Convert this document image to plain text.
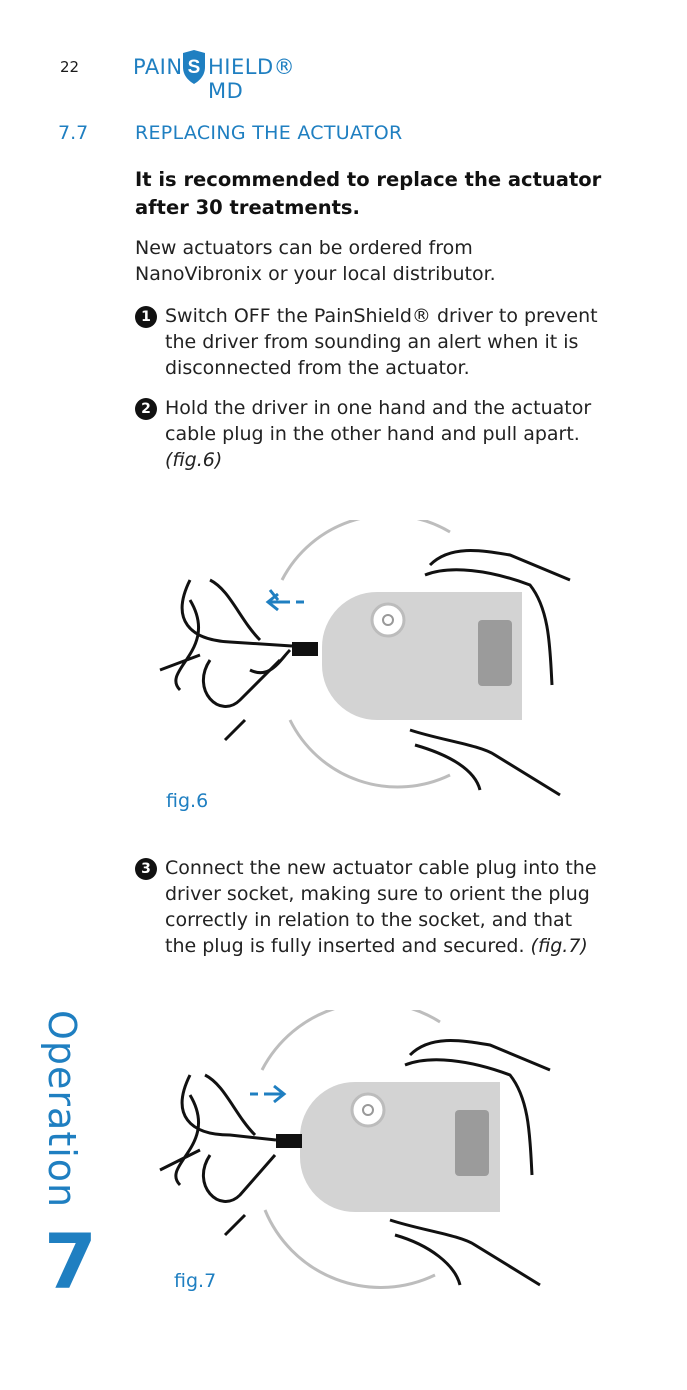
22	PAIN S HIELD® MD
7.7 REPLACING THE ACTUATOR
It is recommended to replace the actuator after 30 treatments.
New actuators can be ordered from NanoVibronix or your local distributor.
1 Switch OFF the PainShield® driver to prevent the driver from sounding an alert when it is disconnected from the actuator.
2 Hold the driver in one hand and the actuator cable plug in the other hand and pull apart. (fig.6)
fig.6
3 Connect the new actuator cable plug into the driver socket, making sure to orient the plug correctly in relation to the socket, and that the plug is fully inserted and secured. (fig.7)
fig.7
Operation
7
